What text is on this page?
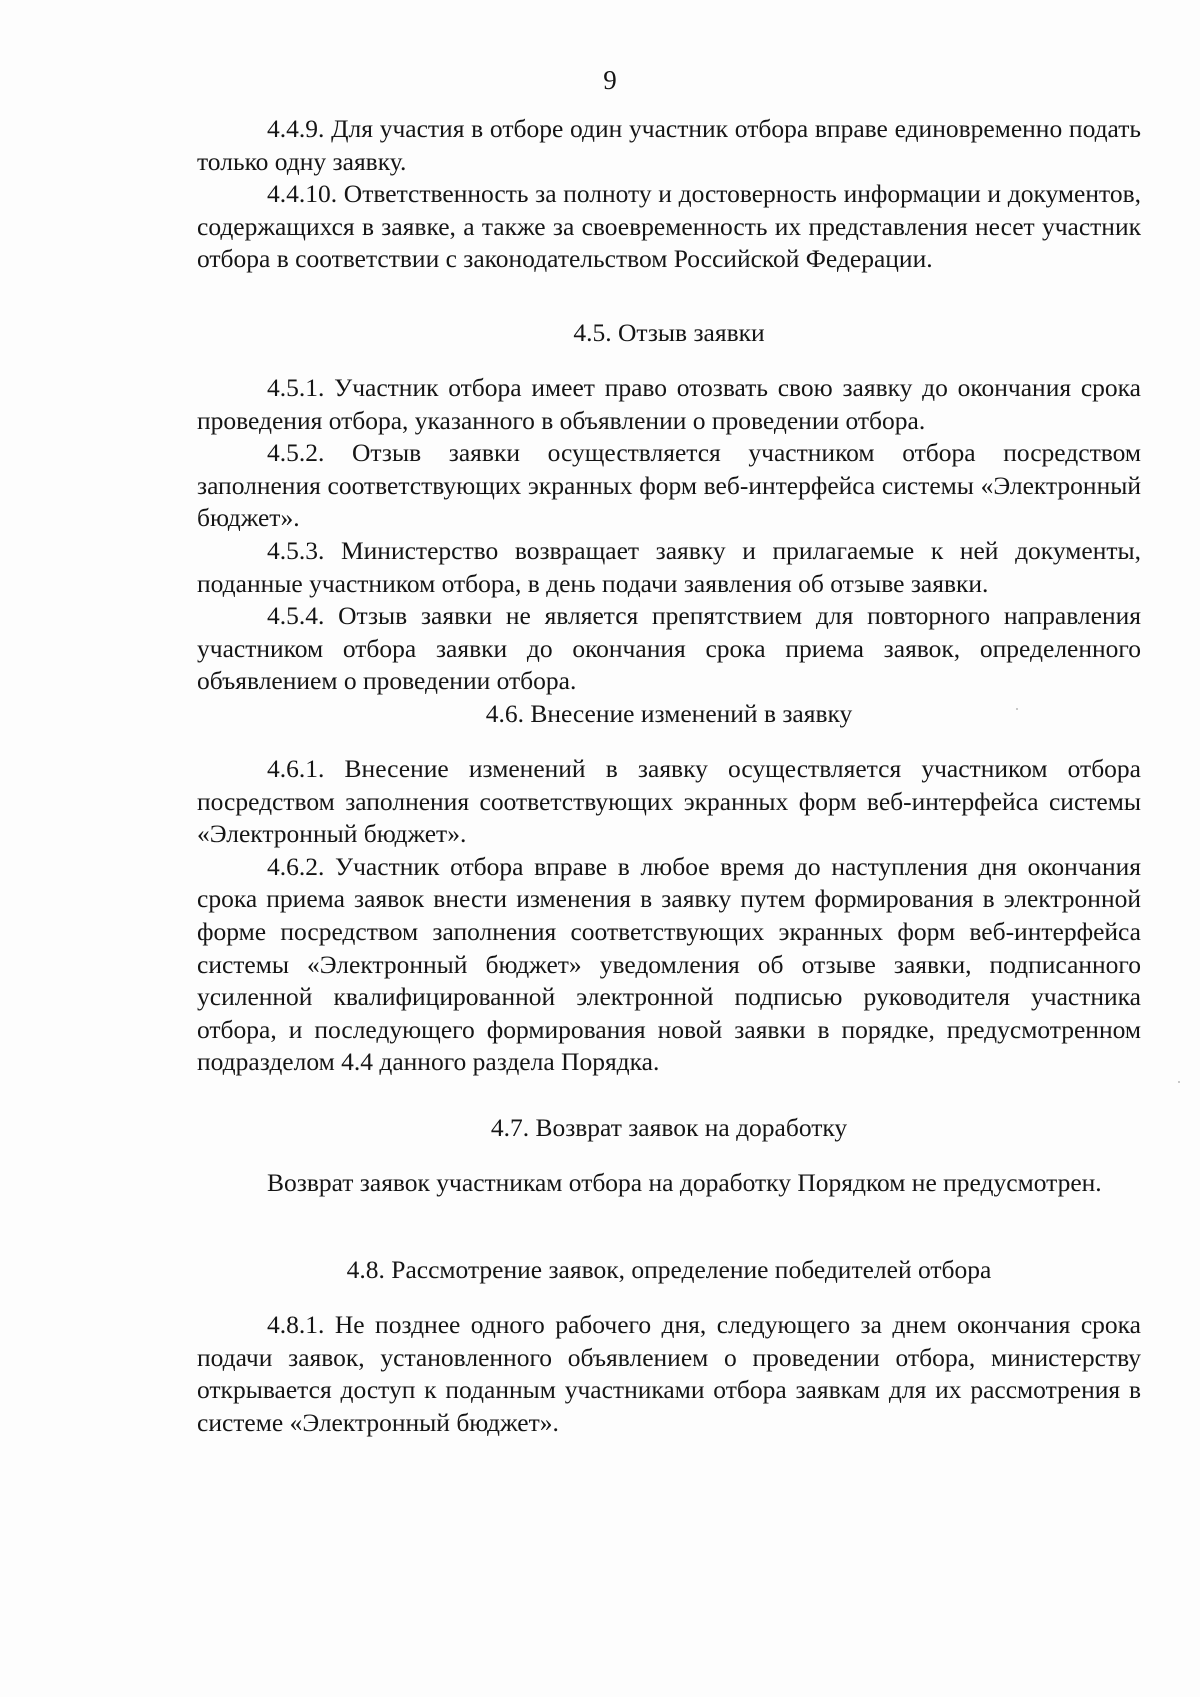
9

4.4.9. Для участия в отборе один участник отбора вправе единовременно подать только одну заявку.

4.4.10. Ответственность за полноту и достоверность информации и документов, содержащихся в заявке, а также за своевременность их представления несет участник отбора в соответствии с законодательством Российской Федерации.

4.5. Отзыв заявки

4.5.1. Участник отбора имеет право отозвать свою заявку до окончания срока проведения отбора, указанного в объявлении о проведении отбора.

4.5.2. Отзыв заявки осуществляется участником отбора посредством заполнения соответствующих экранных форм веб-интерфейса системы «Электронный бюджет».

4.5.3. Министерство возвращает заявку и прилагаемые к ней документы, поданные участником отбора, в день подачи заявления об отзыве заявки.

4.5.4. Отзыв заявки не является препятствием для повторного направления участником отбора заявки до окончания срока приема заявок, определенного объявлением о проведении отбора.

4.6. Внесение изменений в заявку

4.6.1. Внесение изменений в заявку осуществляется участником отбора посредством заполнения соответствующих экранных форм веб-интерфейса системы «Электронный бюджет».

4.6.2. Участник отбора вправе в любое время до наступления дня окончания срока приема заявок внести изменения в заявку путем формирования в электронной форме посредством заполнения соответствующих экранных форм веб-интерфейса системы «Электронный бюджет» уведомления об отзыве заявки, подписанного усиленной квалифицированной электронной подписью руководителя участника отбора, и последующего формирования новой заявки в порядке, предусмотренном подразделом 4.4 данного раздела Порядка.

4.7. Возврат заявок на доработку

Возврат заявок участникам отбора на доработку Порядком не предусмотрен.

4.8. Рассмотрение заявок, определение победителей отбора

4.8.1. Не позднее одного рабочего дня, следующего за днем окончания срока подачи заявок, установленного объявлением о проведении отбора, министерству открывается доступ к поданным участниками отбора заявкам для их рассмотрения в системе «Электронный бюджет».
